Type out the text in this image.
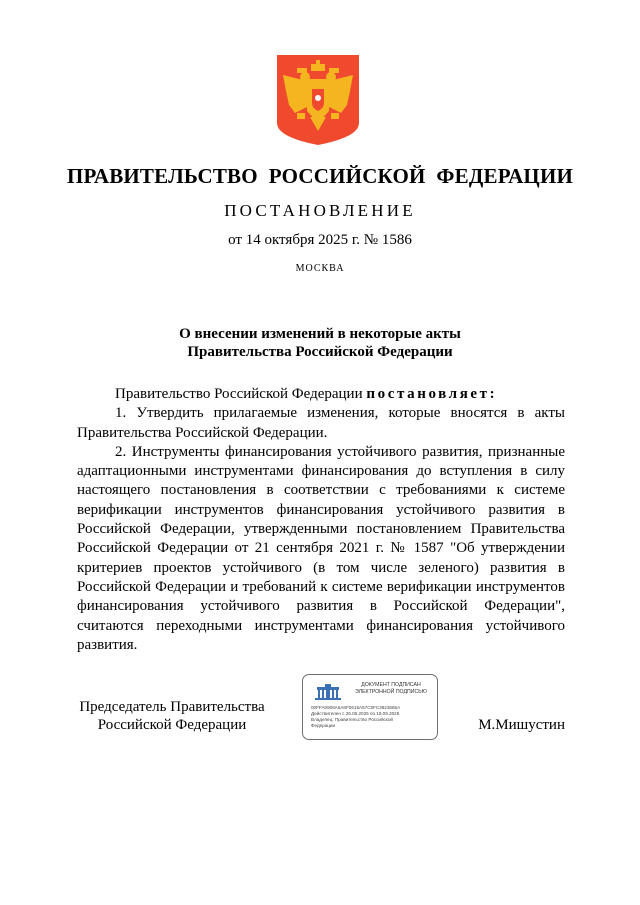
ПРАВИТЕЛЬСТВО  РОССИЙСКОЙ  ФЕДЕРАЦИИ
ПОСТАНОВЛЕНИЕ
от 14 октября 2025 г. № 1586
МОСКВА
О внесении изменений в некоторые акты
Правительства Российской Федерации

Правительство Российской Федерации постановляет:

1. Утвердить прилагаемые изменения, которые вносятся в акты Правительства Российской Федерации.

2. Инструменты финансирования устойчивого развития, признанные адаптационными инструментами финансирования до вступления в силу настоящего постановления в соответствии с требованиями к системе верификации инструментов финансирования устойчивого развития в Российской Федерации, утвержденными постановлением Правительства Российской Федерации от 21 сентября 2021 г. № 1587 "Об утверждении критериев проектов устойчивого (в том числе зеленого) развития в Российской Федерации и требований к системе верификации инструментов финансирования устойчивого развития в Российской Федерации", считаются переходными инструментами финансирования устойчивого развития.

Председатель Правительства
Российской Федерации
ДОКУМЕНТ ПОДПИСАН
ЭЛЕКТРОННОЙ ПОДПИСЬЮ
00FFA0906A5A6F0615A57C5FC3823665A
Действителен с 26.06.2025 по 19.09.2026
Владелец: Правительство Российской
Федерации	М.Мишустин
